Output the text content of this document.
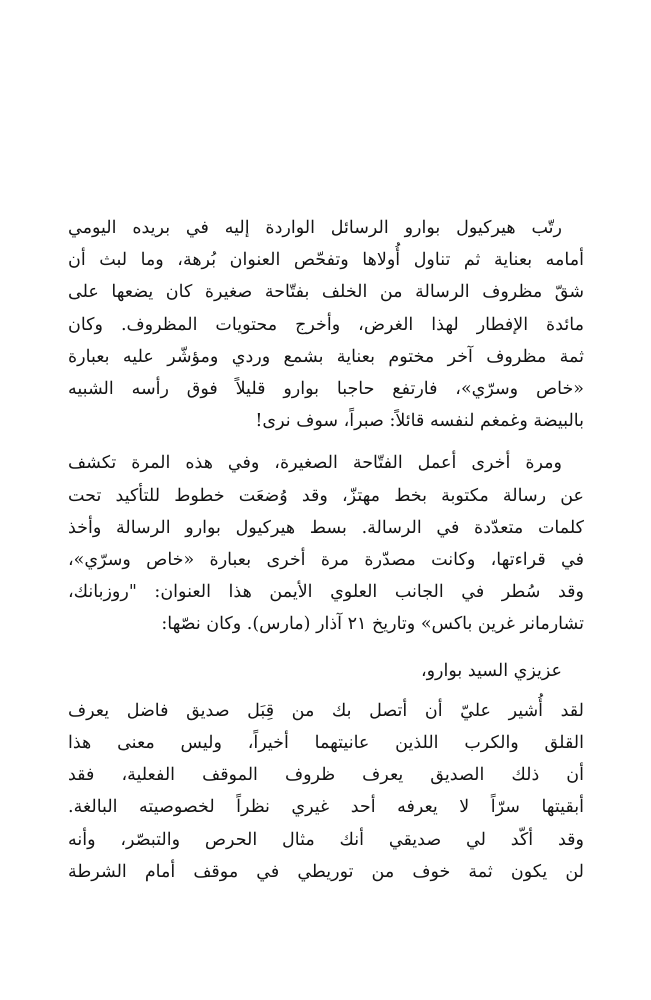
رتّب هيركيول بوارو الرسائل الواردة إليه في بريده اليومي
أمامه بعناية ثم تناول أُولاها وتفحّص العنوان بُرهة، وما لبث أن
شقّ مظروف الرسالة من الخلف بفتّاحة صغيرة كان يضعها على
مائدة الإفطار لهذا الغرض، وأخرج محتويات المظروف. وكان
ثمة مظروف آخر مختوم بعناية بشمع وردي ومؤشّر عليه بعبارة
«خاص وسرّي»، فارتفع حاجبا بوارو قليلاً فوق رأسه الشبيه
بالبيضة وغمغم لنفسه قائلاً: صبراً، سوف نرى!

ومرة أخرى أعمل الفتّاحة الصغيرة، وفي هذه المرة تكشف
عن رسالة مكتوبة بخط مهتزّ، وقد وُضعَت خطوط للتأكيد تحت
كلمات متعدّدة في الرسالة. بسط هيركيول بوارو الرسالة وأخذ
في قراءتها، وكانت مصدّرة مرة أخرى بعبارة «خاص وسرّي»،
وقد سُطر في الجانب العلوي الأيمن هذا العنوان: "روزبانك،
تشارمانر غرين باكس» وتاريخ ٢١ آذار (مارس). وكان نصّها:

عزيزي السيد بوارو،

لقد أُشير عليّ أن أتصل بك من قِبَل صديق فاضل يعرف
القلق والكرب اللذين عانيتهما أخيراً، وليس معنى هذا
أن ذلك الصديق يعرف ظروف الموقف الفعلية، فقد
أبقيتها سرّاً لا يعرفه أحد غيري نظراً لخصوصيته البالغة.
وقد أكّد لي صديقي أنك مثال الحرص والتبصّر، وأنه
لن يكون ثمة خوف من توريطي في موقف أمام الشرطة
